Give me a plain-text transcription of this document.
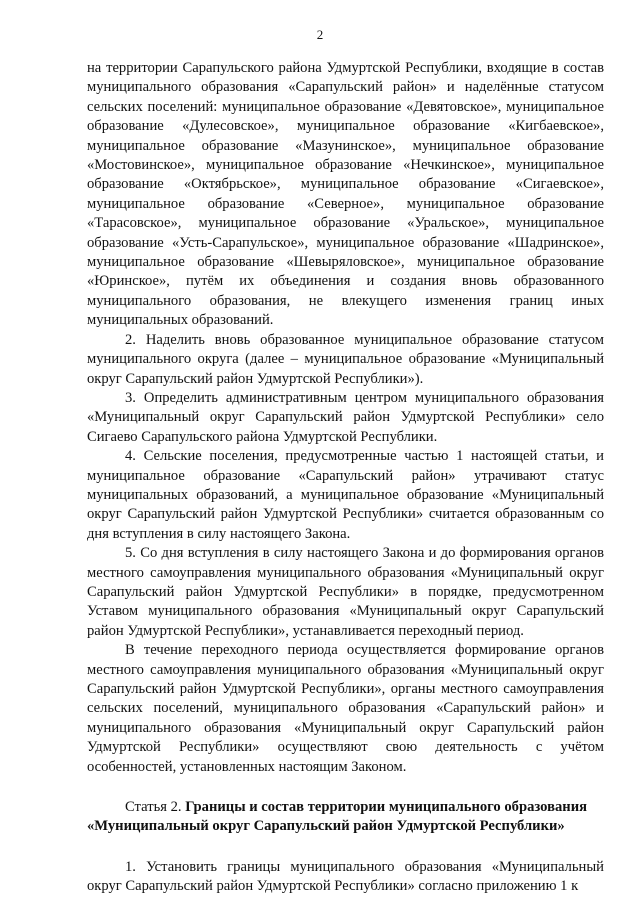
2

на территории Сарапульского района Удмуртской Республики, входящие в состав муниципального образования «Сарапульский район» и наделённые статусом сельских поселений: муниципальное образование «Девятовское», муниципальное образование «Дулесовское», муниципальное образование «Кигбаевское», муниципальное образование «Мазунинское», муниципальное образование «Мостовинское», муниципальное образование «Нечкинское», муниципальное образование «Октябрьское», муниципальное образование «Сигаевское», муниципальное образование «Северное», муниципальное образование «Тарасовское», муниципальное образование «Уральское», муниципальное образование «Усть-Сарапульское», муниципальное образование «Шадринское», муниципальное образование «Шевыряловское», муниципальное образование «Юринское», путём их объединения и создания вновь образованного муниципального образования, не влекущего изменения границ иных муниципальных образований.

2. Наделить вновь образованное муниципальное образование статусом муниципального округа (далее – муниципальное образование «Муниципальный округ Сарапульский район Удмуртской Республики»).

3. Определить административным центром муниципального образования «Муниципальный округ Сарапульский район Удмуртской Республики» село Сигаево Сарапульского района Удмуртской Республики.

4. Сельские поселения, предусмотренные частью 1 настоящей статьи, и муниципальное образование «Сарапульский район» утрачивают статус муниципальных образований, а муниципальное образование «Муниципальный округ Сарапульский район Удмуртской Республики» считается образованным со дня вступления в силу настоящего Закона.

5. Со дня вступления в силу настоящего Закона и до формирования органов местного самоуправления муниципального образования «Муниципальный округ Сарапульский район Удмуртской Республики» в порядке, предусмотренном Уставом муниципального образования «Муниципальный округ Сарапульский район Удмуртской Республики», устанавливается переходный период.

В течение переходного периода осуществляется формирование органов местного самоуправления муниципального образования «Муниципальный округ Сарапульский район Удмуртской Республики», органы местного самоуправления сельских поселений, муниципального образования «Сарапульский район» и муниципального образования «Муниципальный округ Сарапульский район Удмуртской Республики» осуществляют свою деятельность с учётом особенностей, установленных настоящим Законом.

Статья 2. Границы и состав территории муниципального образования «Муниципальный округ Сарапульский район Удмуртской Республики»

1. Установить границы муниципального образования «Муниципальный округ Сарапульский район Удмуртской Республики» согласно приложению 1 к
